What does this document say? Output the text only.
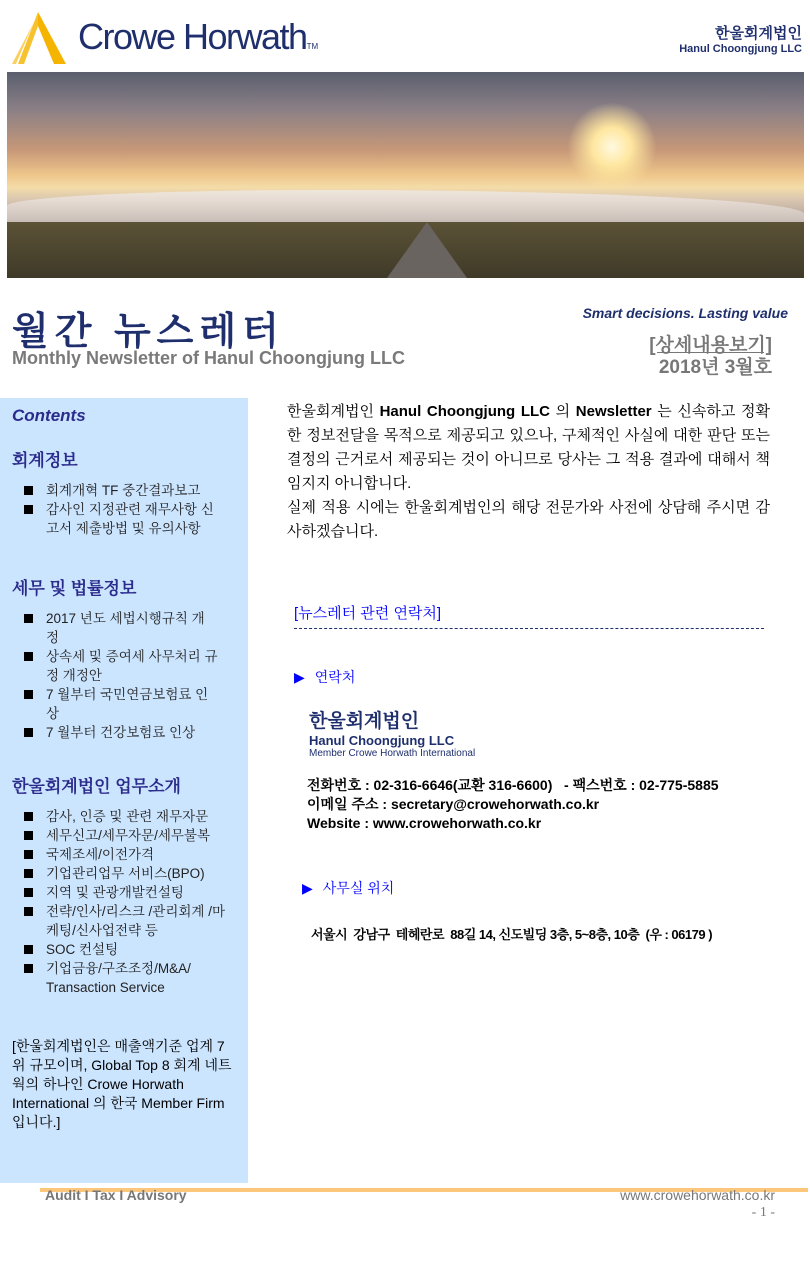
Crowe HorwathTM
한울회계법인
Hanul Choongjung LLC
월간 뉴스레터
Monthly Newsletter of Hanul Choongjung LLC
Smart decisions. Lasting value
[상세내용보기]
2018년 3월호
Contents
회계정보
회계개혁 TF 중간결과보고
감사인 지정관련 재무사항 신고서 제출방법 및 유의사항
세무 및 법률정보
2017 년도 세법시행규칙 개정
상속세 및 증여세 사무처리 규정 개정안
7 월부터 국민연금보험료 인상
7 월부터 건강보험료 인상
한울회계법인 업무소개
감사, 인증 및 관련 재무자문
세무신고/세무자문/세무불복
국제조세/이전가격
기업관리업무 서비스(BPO)
지역 및 관광개발컨설팅
전략/인사/리스크 /관리회계 /마케팅/신사업전략 등
SOC 컨설팅
기업금융/구조조정/M&A/ Transaction Service
[한울회계법인은 매출액기준 업계 7 위 규모이며, Global Top 8 회계 네트웍의 하나인 Crowe Horwath International 의 한국 Member Firm 입니다.]

한울회계법인 Hanul Choongjung LLC 의 Newsletter 는 신속하고 정확한 정보전달을 목적으로 제공되고 있으나, 구체적인 사실에 대한 판단 또는 결정의 근거로서 제공되는 것이 아니므로 당사는 그 적용 결과에 대해서 책임지지 아니합니다.

실제 적용 시에는 한울회계법인의 해당 전문가와 사전에 상담해 주시면 감사하겠습니다.

[뉴스레터 관련 연락처]
▶ 연락처
한울회계법인
Hanul Choongjung LLC
Member Crowe Horwath International
전화번호 : 02-316-6646(교환 316-6600)   - 팩스번호 : 02-775-5885
이메일 주소 : secretary@crowehorwath.co.kr
Website : www.crowehorwath.co.kr
▶ 사무실 위치
서울시  강남구  테헤란로  88길 14, 신도빌딩 3층, 5~8층, 10층  (우 : 06179 )
Audit I Tax I Advisory	www.crowehorwath.co.kr
- 1 -
